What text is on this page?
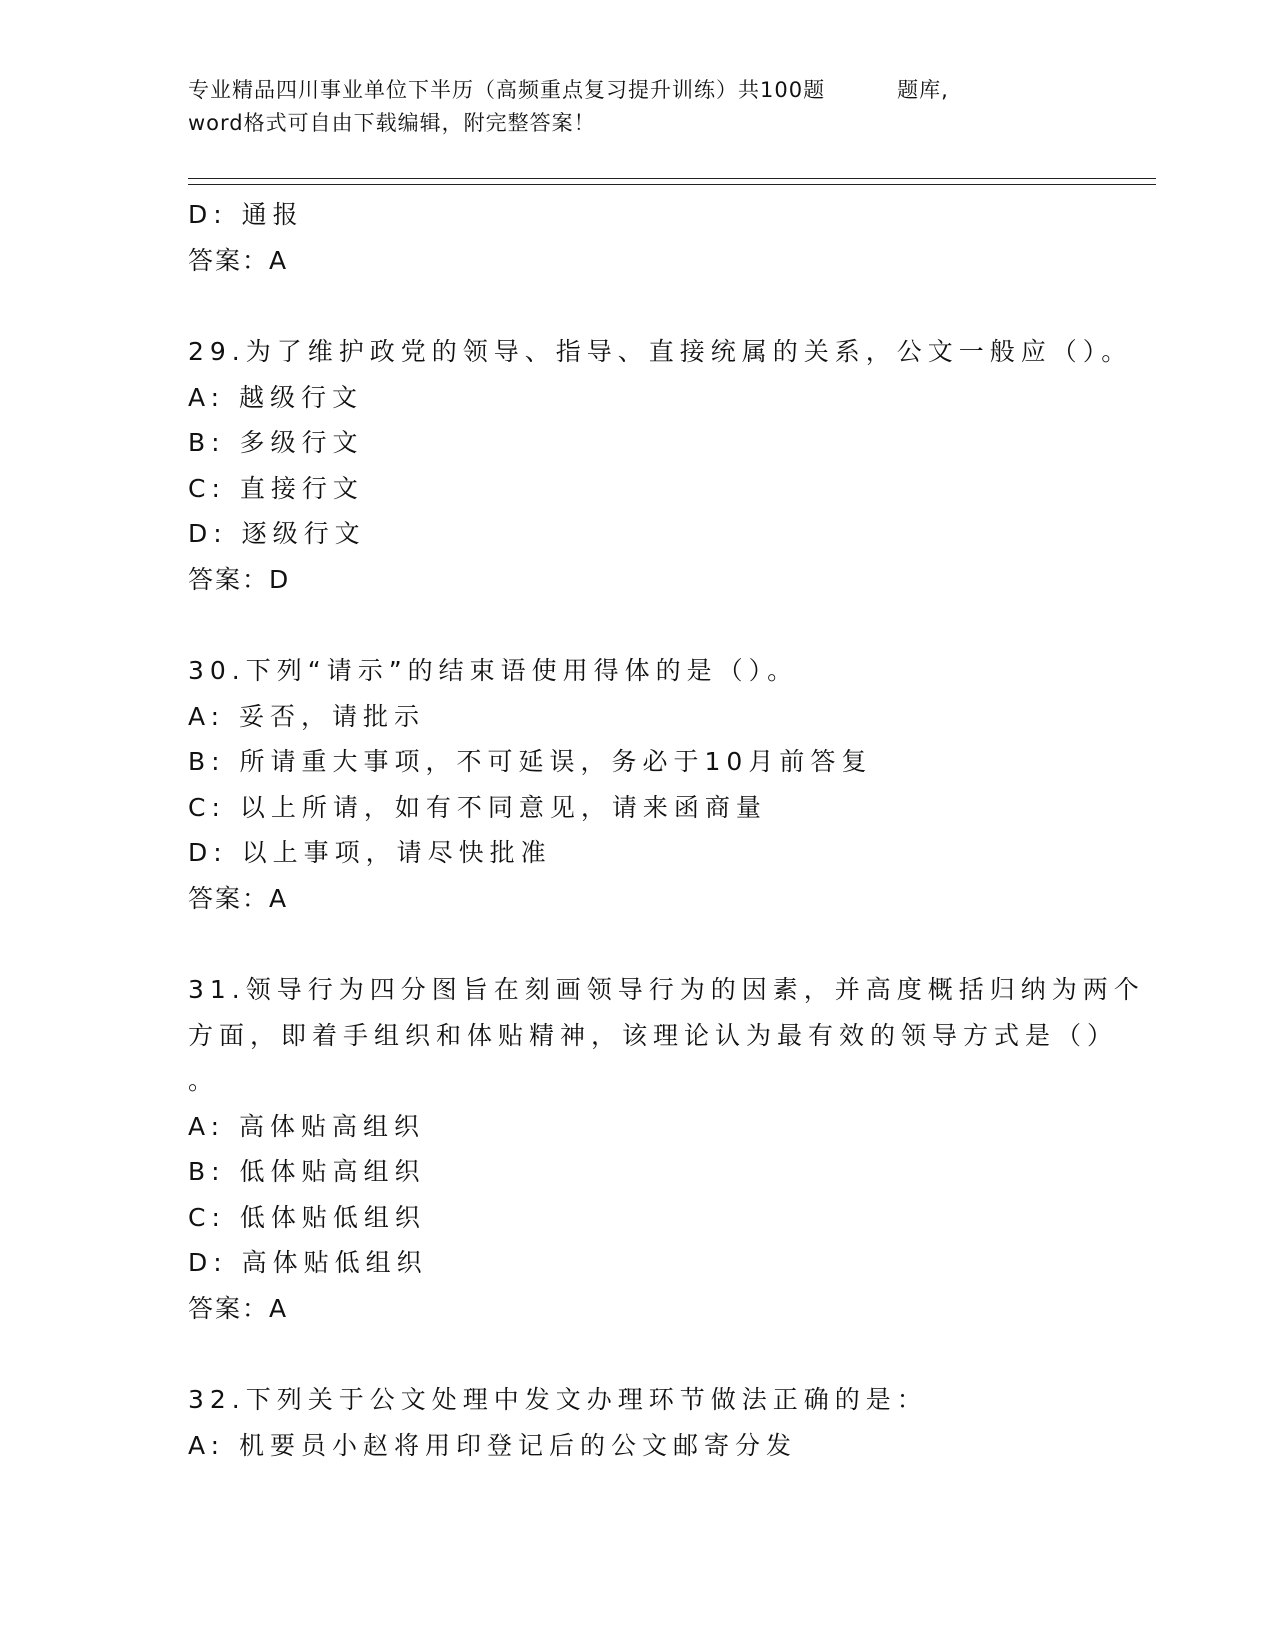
专业精品四川事业单位下半历（高频重点复习提升训练）共100题	题库,
word格式可自由下载编辑，附完整答案！
D: 通报
答案：A
29.为了维护政党的领导、指导、直接统属的关系，公文一般应（）。
A: 越级行文
B: 多级行文
C: 直接行文
D: 逐级行文
答案：D
30.下列“请示”的结束语使用得体的是（）。
A: 妥否，请批示
B: 所请重大事项，不可延误，务必于10月前答复
C: 以上所请，如有不同意见，请来函商量
D: 以上事项，请尽快批准
答案：A
31.领导行为四分图旨在刻画领导行为的因素，并高度概括归纳为两个
方面，即着手组织和体贴精神，该理论认为最有效的领导方式是（）
。
A: 高体贴高组织
B: 低体贴高组织
C: 低体贴低组织
D: 高体贴低组织
答案：A
32.下列关于公文处理中发文办理环节做法正确的是：
A: 机要员小赵将用印登记后的公文邮寄分发
